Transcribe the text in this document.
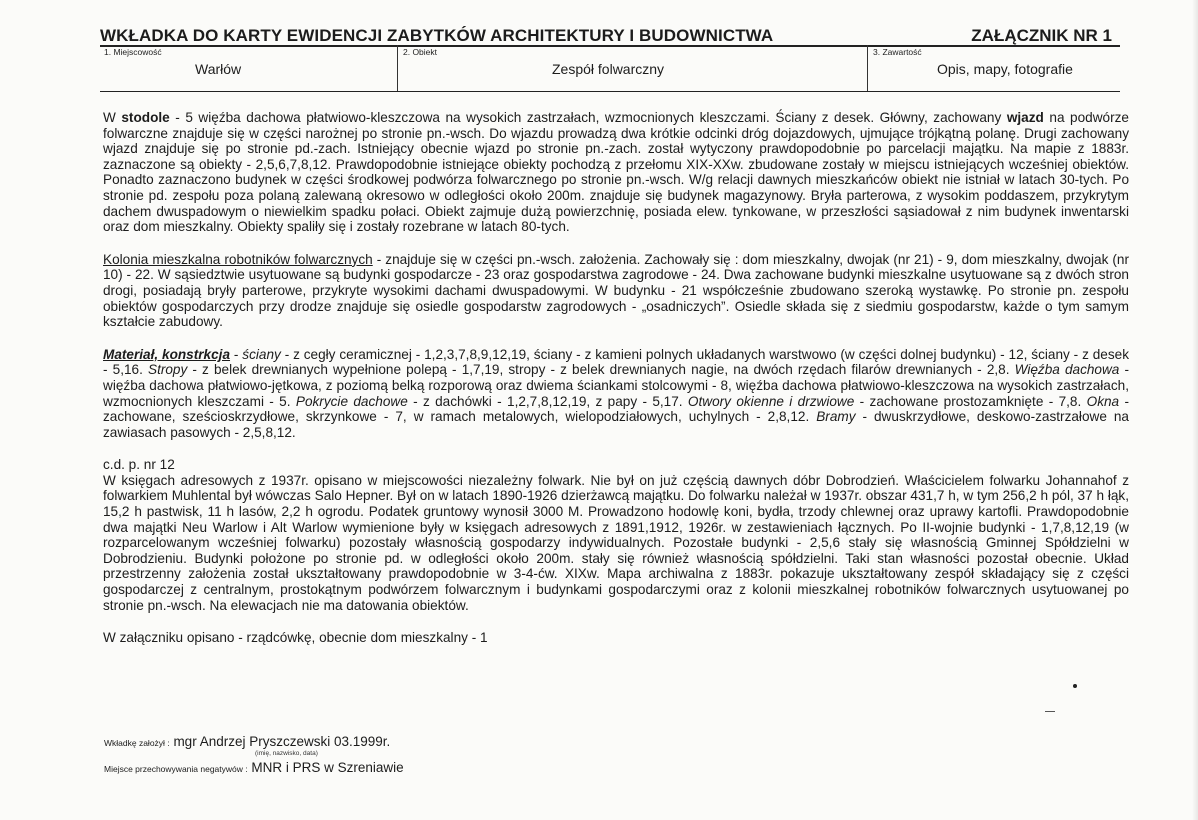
WKŁADKA DO KARTY EWIDENCJI ZABYTKÓW ARCHITEKTURY I BUDOWNICTWA	ZAŁĄCZNIK NR 1
1. Miejscowość
Warłów
2. Obiekt
Zespół folwarczny
3. Zawartość
Opis, mapy, fotografie

W stodole - 5 więźba dachowa płatwiowo-kleszczowa na wysokich zastrzałach, wzmocnionych kleszczami. Ściany z desek. Główny, zachowany wjazd na podwórze folwarczne znajduje się w części narożnej po stronie pn.-wsch. Do wjazdu prowadzą dwa krótkie odcinki dróg dojazdowych, ujmujące trójkątną polanę. Drugi zachowany wjazd znajduje się po stronie pd.-zach. Istniejący obecnie wjazd po stronie pn.-zach. został wytyczony prawdopodobnie po parcelacji majątku. Na mapie z 1883r. zaznaczone są obiekty - 2,5,6,7,8,12. Prawdopodobnie istniejące obiekty pochodzą z przełomu XIX-XXw. zbudowane zostały w miejscu istniejących wcześniej obiektów. Ponadto zaznaczono budynek w części środkowej podwórza folwarcznego po stronie pn.-wsch. W/g relacji dawnych mieszkańców obiekt nie istniał w latach 30-tych. Po stronie pd. zespołu poza polaną zalewaną okresowo w odległości około 200m. znajduje się budynek magazynowy. Bryła parterowa, z wysokim poddaszem, przykrytym dachem dwuspadowym o niewielkim spadku połaci. Obiekt zajmuje dużą powierzchnię, posiada elew. tynkowane, w przeszłości sąsiadował z nim budynek inwentarski oraz dom mieszkalny. Obiekty spaliły się i zostały rozebrane w latach 80-tych.

Kolonia mieszkalna robotników folwarcznych - znajduje się w części pn.-wsch. założenia. Zachowały się : dom mieszkalny, dwojak (nr 21) - 9, dom mieszkalny, dwojak (nr 10) - 22. W sąsiedztwie usytuowane są budynki gospodarcze - 23 oraz gospodarstwa zagrodowe - 24. Dwa zachowane budynki mieszkalne usytuowane są z dwóch stron drogi, posiadają bryły parterowe, przykryte wysokimi dachami dwuspadowymi. W budynku - 21 współcześnie zbudowano szeroką wystawkę. Po stronie pn. zespołu obiektów gospodarczych przy drodze znajduje się osiedle gospodarstw zagrodowych - „osadniczych”. Osiedle składa się z siedmiu gospodarstw, każde o tym samym kształcie zabudowy.

Materiał, konstrkcja - ściany - z cegły ceramicznej - 1,2,3,7,8,9,12,19, ściany - z kamieni polnych układanych warstwowo (w części dolnej budynku) - 12, ściany - z desek - 5,16. Stropy - z belek drewnianych wypełnione polepą - 1,7,19, stropy - z belek drewnianych nagie, na dwóch rzędach filarów drewnianych - 2,8. Więźba dachowa - więźba dachowa płatwiowo-jętkowa, z poziomą belką rozporową oraz dwiema ściankami stolcowymi - 8, więźba dachowa płatwiowo-kleszczowa na wysokich zastrzałach, wzmocnionych kleszczami - 5. Pokrycie dachowe - z dachówki - 1,2,7,8,12,19, z papy - 5,17. Otwory okienne i drzwiowe - zachowane prostozamknięte - 7,8. Okna - zachowane, sześcioskrzydłowe, skrzynkowe - 7, w ramach metalowych, wielopodziałowych, uchylnych - 2,8,12. Bramy - dwuskrzydłowe, deskowo-zastrzałowe na zawiasach pasowych - 2,5,8,12.

c.d. p. nr 12

W księgach adresowych z 1937r. opisano w miejscowości niezależny folwark. Nie był on już częścią dawnych dóbr Dobrodzień. Właścicielem folwarku Johannahof z folwarkiem Muhlental był wówczas Salo Hepner. Był on w latach 1890-1926 dzierżawcą majątku. Do folwarku należał w 1937r. obszar 431,7 h, w tym 256,2 h pól, 37 h łąk, 15,2 h pastwisk, 11 h lasów, 2,2 h ogrodu. Podatek gruntowy wynosił 3000 M. Prowadzono hodowlę koni, bydła, trzody chlewnej oraz uprawy kartofli. Prawdopodobnie dwa majątki Neu Warlow i Alt Warlow wymienione były w księgach adresowych z 1891,1912, 1926r. w zestawieniach łącznych. Po II-wojnie budynki - 1,7,8,12,19 (w rozparcelowanym wcześniej folwarku) pozostały własnością gospodarzy indywidualnych. Pozostałe budynki - 2,5,6 stały się własnością Gminnej Spółdzielni w Dobrodzieniu. Budynki położone po stronie pd. w odległości około 200m. stały się również własnością spółdzielni. Taki stan własności pozostał obecnie. Układ przestrzenny założenia został ukształtowany prawdopodobnie w 3-4-ćw. XIXw. Mapa archiwalna z 1883r. pokazuje ukształtowany zespół składający się z części gospodarczej z centralnym, prostokątnym podwórzem folwarcznym i budynkami gospodarczymi oraz z kolonii mieszkalnej robotników folwarcznych usytuowanej po stronie pn.-wsch. Na elewacjach nie ma datowania obiektów.

W załączniku opisano - rządcówkę, obecnie dom mieszkalny - 1

Wkładkę założył : mgr Andrzej Pryszczewski 03.1999r.
(imię, nazwisko, data)
Miejsce przechowywania negatywów : MNR i PRS w Szreniawie
